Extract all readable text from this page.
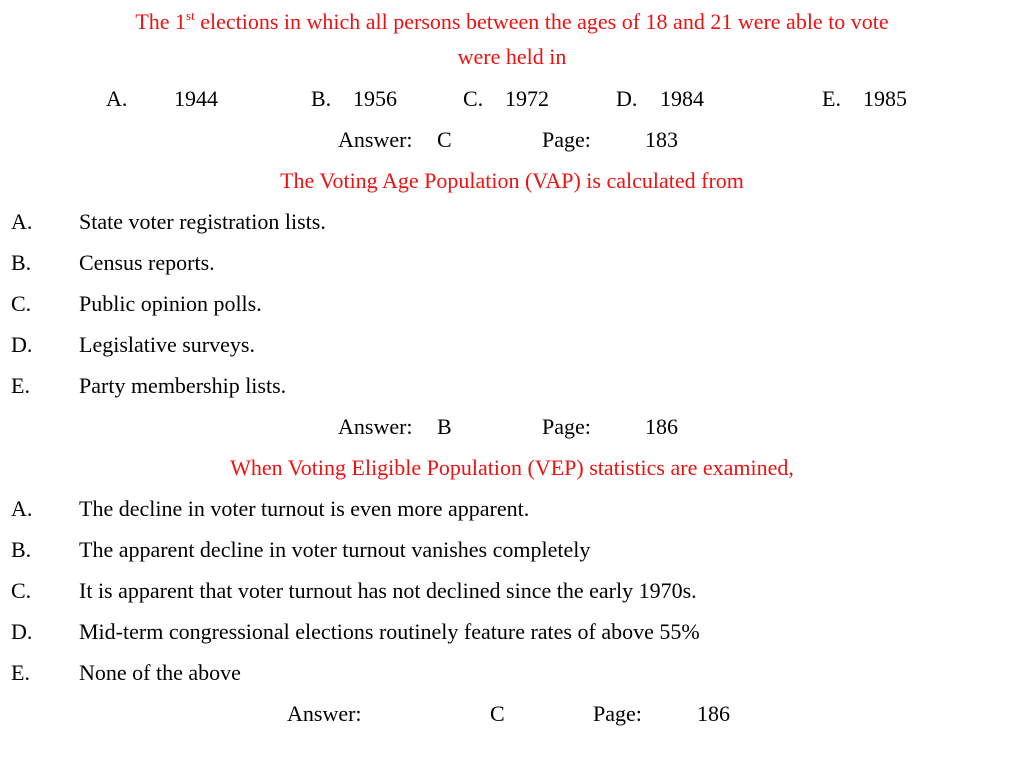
The 1st elections in which all persons between the ages of 18 and 21 were able to vote
were held in
A. 1944	B. 1956	C. 1972	D. 1984	E. 1985
Answer: C	Page: 183
The Voting Age Population (VAP) is calculated from
A. State voter registration lists.
B. Census reports.
C. Public opinion polls.
D. Legislative surveys.
E. Party membership lists.
Answer: B	Page: 186
When Voting Eligible Population (VEP) statistics are examined,
A. The decline in voter turnout is even more apparent.
B. The apparent decline in voter turnout vanishes completely
C. It is apparent that voter turnout has not declined since the early 1970s.
D. Mid-term congressional elections routinely feature rates of above 55%
E. None of the above
Answer:	C	Page:	186
